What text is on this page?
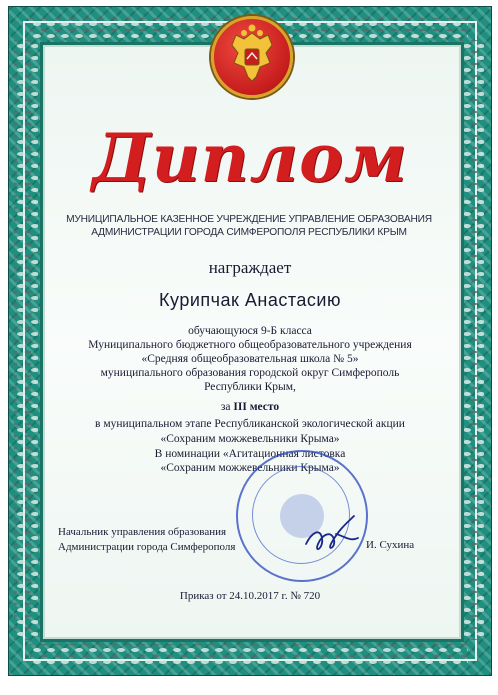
Диплом
МУНИЦИПАЛЬНОЕ КАЗЕННОЕ УЧРЕЖДЕНИЕ УПРАВЛЕНИЕ ОБРАЗОВАНИЯ
АДМИНИСТРАЦИИ ГОРОДА СИМФЕРОПОЛЯ РЕСПУБЛИКИ КРЫМ
награждает
Курипчак Анастасию
обучающуюся 9-Б класса
Муниципального бюджетного общеобразовательного учреждения
«Средняя общеобразовательная школа № 5»
муниципального образования городской округ Симферополь
Республики Крым,
за III место
в муниципальном этапе Республиканской экологической акции
«Сохраним можжевельники Крыма»
В номинации «Агитационная листовка
«Сохраним можжевельники Крыма»
Начальник управления образования
Администрации города Симферополя	И. Сухина
Приказ от 24.10.2017 г. № 720
